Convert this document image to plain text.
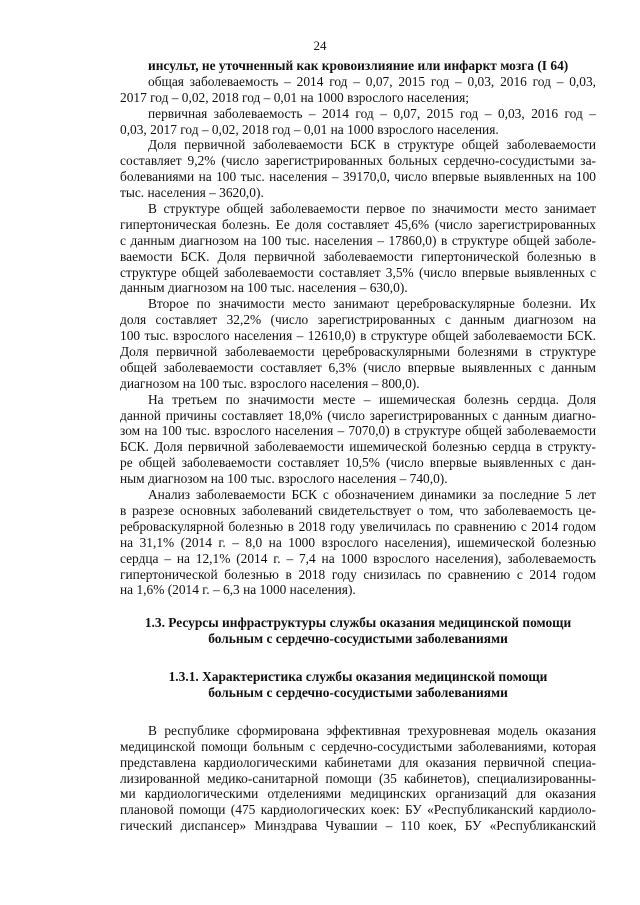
24
инсульт, не уточненный как кровоизлияние или инфаркт мозга (I 64)
общая заболеваемость – 2014 год – 0,07, 2015 год – 0,03, 2016 год – 0,03,
2017 год – 0,02, 2018 год – 0,01 на 1000 взрослого населения;
первичная заболеваемость – 2014 год – 0,07, 2015 год – 0,03, 2016 год –
0,03, 2017 год – 0,02, 2018 год – 0,01 на 1000 взрослого населения.
Доля первичной заболеваемости БСК в структуре общей заболеваемости
составляет 9,2% (число зарегистрированных больных сердечно-сосудистыми за-
болеваниями на 100 тыс. населения – 39170,0, число впервые выявленных на 100
тыс. населения – 3620,0).
В структуре общей заболеваемости первое по значимости место занимает
гипертоническая болезнь. Ее доля составляет 45,6% (число зарегистрированных
с данным диагнозом на 100 тыс. населения – 17860,0) в структуре общей заболе-
ваемости БСК. Доля первичной заболеваемости гипертонической болезнью в
структуре общей заболеваемости составляет 3,5% (число впервые выявленных с
данным диагнозом на 100 тыс. населения – 630,0).
Второе по значимости место занимают цереброваскулярные болезни. Их
доля составляет 32,2% (число зарегистрированных с данным диагнозом на
100 тыс. взрослого населения – 12610,0) в структуре общей заболеваемости БСК.
Доля первичной заболеваемости цереброваскулярными болезнями в структуре
общей заболеваемости составляет 6,3% (число впервые выявленных с данным
диагнозом на 100 тыс. взрослого населения – 800,0).
На третьем по значимости месте – ишемическая болезнь сердца. Доля
данной причины составляет 18,0% (число зарегистрированных с данным диагно-
зом на 100 тыс. взрослого населения – 7070,0) в структуре общей заболеваемости
БСК. Доля первичной заболеваемости ишемической болезнью сердца в структу-
ре общей заболеваемости составляет 10,5% (число впервые выявленных с дан-
ным диагнозом на 100 тыс. взрослого населения – 740,0).
Анализ заболеваемости БСК с обозначением динамики за последние 5 лет
в разрезе основных заболеваний свидетельствует о том, что заболеваемость це-
реброваскулярной болезнью в 2018 году увеличилась по сравнению с 2014 годом
на 31,1% (2014 г. – 8,0 на 1000 взрослого населения), ишемической болезнью
сердца – на 12,1% (2014 г. – 7,4 на 1000 взрослого населения), заболеваемость
гипертонической болезнью в 2018 году снизилась по сравнению с 2014 годом
на 1,6% (2014 г. – 6,3 на 1000 населения).
1.3. Ресурсы инфраструктуры службы оказания медицинской помощи
больным с сердечно-сосудистыми заболеваниями
1.3.1. Характеристика службы оказания медицинской помощи
больным с сердечно-сосудистыми заболеваниями
В республике сформирована эффективная трехуровневая модель оказания
медицинской помощи больным с сердечно-сосудистыми заболеваниями, которая
представлена кардиологическими кабинетами для оказания первичной специа-
лизированной медико-санитарной помощи (35 кабинетов), специализированны-
ми кардиологическими отделениями медицинских организаций для оказания
плановой помощи (475 кардиологических коек: БУ «Республиканский кардиоло-
гический диспансер» Минздрава Чувашии – 110 коек, БУ «Республиканский
